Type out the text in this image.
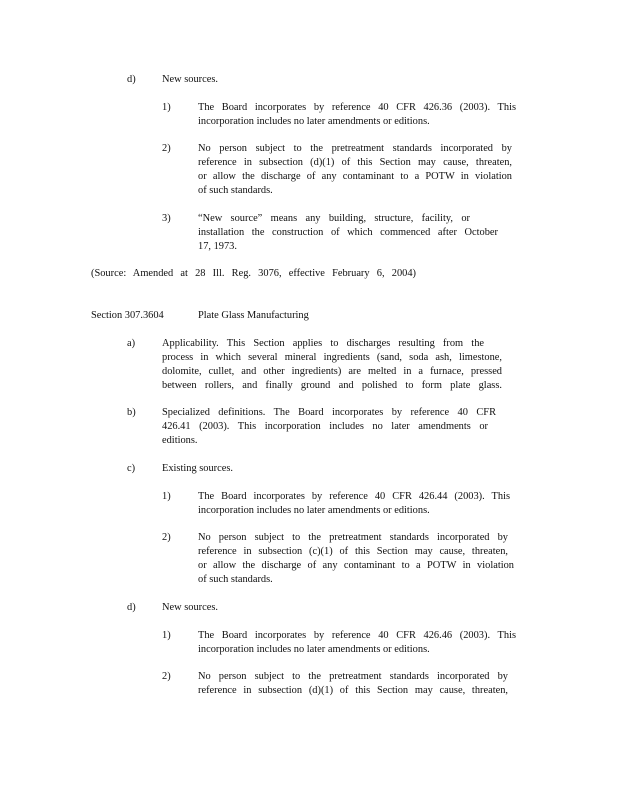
d)	New sources.
1)	The Board incorporates by reference 40 CFR 426.36 (2003). This
incorporation includes no later amendments or editions.
2)	No person subject to the pretreatment standards incorporated by
reference in subsection (d)(1) of this Section may cause, threaten,
or allow the discharge of any contaminant to a POTW in violation
of such standards.
3)	“New source” means any building, structure, facility, or
installation the construction of which commenced after October
17, 1973.
(Source: Amended at 28 Ill. Reg. 3076, effective February 6, 2004)
Section 307.3604	Plate Glass Manufacturing
a)	Applicability. This Section applies to discharges resulting from the
process in which several mineral ingredients (sand, soda ash, limestone,
dolomite, cullet, and other ingredients) are melted in a furnace, pressed
between rollers, and finally ground and polished to form plate glass.
b)	Specialized definitions. The Board incorporates by reference 40 CFR
426.41 (2003). This incorporation includes no later amendments or
editions.
c)	Existing sources.
1)	The Board incorporates by reference 40 CFR 426.44 (2003). This
incorporation includes no later amendments or editions.
2)	No person subject to the pretreatment standards incorporated by
reference in subsection (c)(1) of this Section may cause, threaten,
or allow the discharge of any contaminant to a POTW in violation
of such standards.
d)	New sources.
1)	The Board incorporates by reference 40 CFR 426.46 (2003). This
incorporation includes no later amendments or editions.
2)	No person subject to the pretreatment standards incorporated by
reference in subsection (d)(1) of this Section may cause, threaten,
